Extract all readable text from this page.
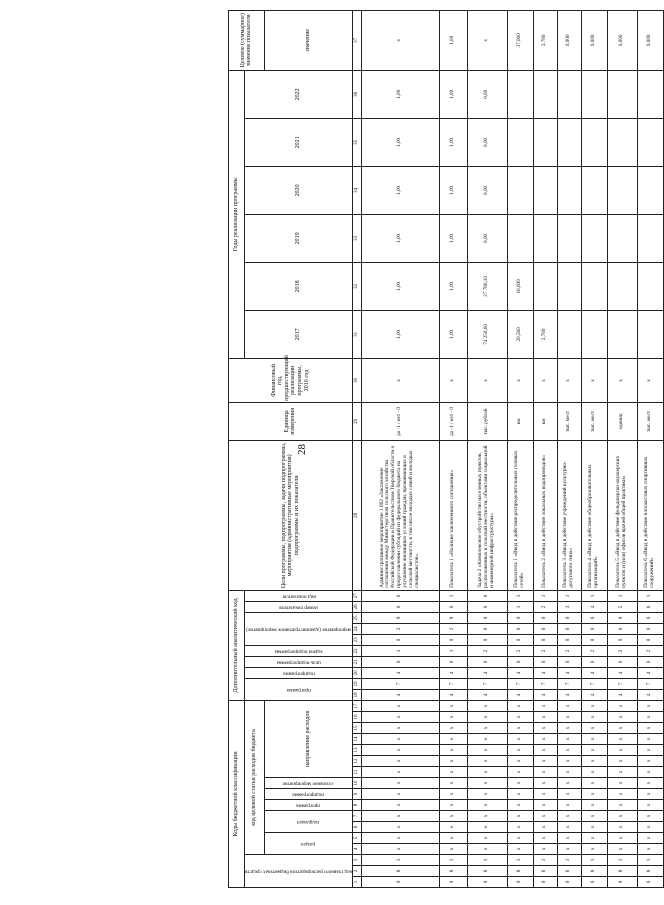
28
Коды бюджетной классификации																	Дополнительный аналитический код										Цели программы, подпрограммы, задачи подпрограммы, мероприятия (административные мероприятия) подпрограммы и их показатели	Единица измерения	Финансовый год, предшествующий реализации программы, 2016 год	Годы реализации программы						Целевое (суммарное) значение показателя
код главного распорядителя бюджетных средств			код целевой статьи расходов бюджета														программа		подпрограмма	цель подпрограммы	задача подпрограммы	мероприятие (административное мероприятие)			номер показателя	вид показателя				2017	2018	2019	2020	2021	2022	
			раздел		подраздел		программа	подпрограмма	основное мероприятие	направление расходов																										значение
1	2	3	4	5	6	7	8	9	10	11	12	13	14	15	16	17	18	19	20	21	22	23	24	25	26	27	28	29	30	31	32	33	34	35	36	37
0	8	1	x	x	x	x	x	x	x	x	x	x	x	x	x	x	4	7	4	0	1	0	2	9	0	0	Административное мероприятие 1.002 «Заключение соглашения между Министерством сельского хозяйства Российской Федерации и Правительством Тверской области о предоставлении субсидий из федерального бюджета на улучшение жилищных условий граждан, проживающих в сельской местности, в том числе молодых семей и молодых специалистов»	да -1 / нет - 0	x	1,00	1,00	1,00	1,00	1,00	1,00	x
0	8	1	x	x	x	x	x	x	x	x	x	x	x	x	x	x	4	7	4	0	1	0	2	9	0	1	Показатель 1 «Наличие заключенного соглашения»	да -1 / нет - 0	x	1,00	1,00	1,00	1,00	1,00	1,00	1,00
0	8	1	x	x	x	x	x	x	x	x	x	x	x	x	x	x	4	7	4	0	2	0	0	0	0	0	Задача 2 «Комплексное обустройство населенных пунктов, расположенных в сельской местности, объектами социальной и инженерной инфраструктуры»	тыс. рублей	x	74 250,60	27 786,10	0,00	0,00	0,00	0,00	x
0	8	1	x	x	x	x	x	x	x	x	x	x	x	x	x	x	4	7	4	0	2	0	0	0	1	1	Показатель 1 «Ввод в действие распределительных газовых сетей»	км	x	20,560	16,600					37,060
0	8	1	x	x	x	x	x	x	x	x	x	x	x	x	x	x	4	7	4	0	2	0	0	0	2	1	Показатель 2 «Ввод в действие локальных водопроводов»	км	x	2,780						2,780
0	8	1	x	x	x	x	x	x	x	x	x	x	x	x	x	x	4	7	4	0	2	0	0	0	3	1	Показатель 3 «Ввод в действие учреждений культурно-досугового типа»	тыс. мест	x							0,000
0	8	1	x	x	x	x	x	x	x	x	x	x	x	x	x	x	4	7	4	0	2	0	0	0	4	1	Показатель 4 «Ввод в действие общеобразовательных организаций»	тыс. мест	x							0,000
0	8	1	x	x	x	x	x	x	x	x	x	x	x	x	x	x	4	7	4	0	2	0	0	0	5	1	Показатель 5 «Ввод в действие фельдшерско-акушерских пунктов и (или) офисов врачей общей практики»	единиц	x							0,000
0	8	1	x	x	x	x	x	x	x	x	x	x	x	x	x	x	4	7	4	0	2	0	0	0	6	1	Показатель 6 «Ввод в действие плоскостных спортивных сооружений»	тыс. мест	x							0,000
